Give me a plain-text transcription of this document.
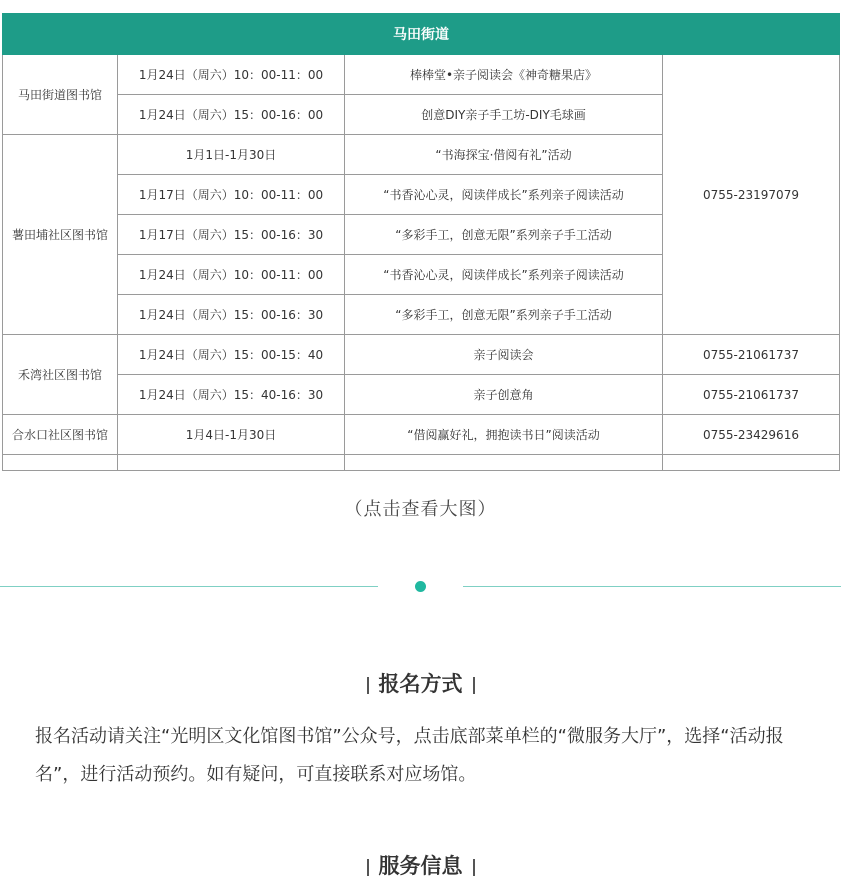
马田街道			
马田街道图书馆	1月24日（周六）10：00-11：00	棒棒堂•亲子阅读会《神奇糖果店》	0755-23197079
	1月24日（周六）15：00-16：00	创意DIY亲子手工坊-DIY毛球画	
薯田埔社区图书馆	1月1日-1月30日	“书海探宝·借阅有礼”活动	
	1月17日（周六）10：00-11：00	“书香沁心灵，阅读伴成长”系列亲子阅读活动	
	1月17日（周六）15：00-16：30	“多彩手工，创意无限”系列亲子手工活动	
	1月24日（周六）10：00-11：00	“书香沁心灵，阅读伴成长”系列亲子阅读活动	
	1月24日（周六）15：00-16：30	“多彩手工，创意无限”系列亲子手工活动	
禾湾社区图书馆	1月24日（周六）15：00-15：40	亲子阅读会	0755-21061737
	1月24日（周六）15：40-16：30	亲子创意角	0755-21061737
合水口社区图书馆	1月4日-1月30日	“借阅赢好礼，拥抱读书日”阅读活动	0755-23429616

（点击查看大图）
报名方式
报名活动请关注“光明区文化馆图书馆”公众号，点击底部菜单栏的“微服务大厅”，选择“活动报名”，进行活动预约。如有疑问，可直接联系对应场馆。
服务信息
